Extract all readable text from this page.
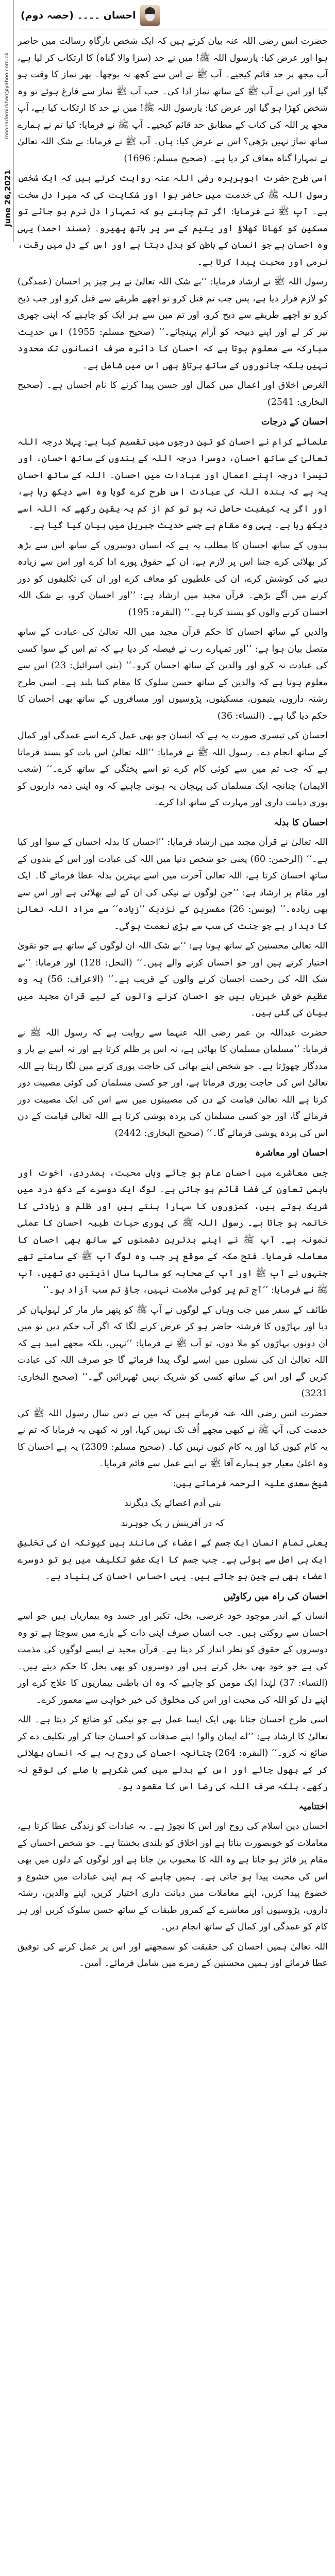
moonadamirkhan@yahoo.com.pk
June 26,2021
احسان ۔۔۔۔ (حصہ دوم)

حضرت انس رضی اللہ عنہ بیان کرتے ہیں کہ ایک شخص بارگاہِ رسالت میں حاضر ہوا اور عرض کیا: یارسول اللہ ﷺ! میں نے حد (سزا والا گناہ) کا ارتکاب کر لیا ہے، آپ مجھ پر حد قائم کیجیے۔ آپ ﷺ نے اس سے کچھ نہ پوچھا۔ پھر نماز کا وقت ہو گیا اور اس نے آپ ﷺ کے ساتھ نماز ادا کی۔ جب آپ ﷺ نماز سے فارغ ہوئے تو وہ شخص کھڑا ہو گیا اور عرض کیا: یارسول اللہ ﷺ! میں نے حد کا ارتکاب کیا ہے، آپ مجھ پر اللہ کی کتاب کے مطابق حد قائم کیجیے۔ آپ ﷺ نے فرمایا: کیا تم نے ہمارے ساتھ نماز نہیں پڑھی؟ اس نے عرض کیا: ہاں۔ آپ ﷺ نے فرمایا: بے شک اللہ تعالیٰ نے تمہارا گناہ معاف کر دیا ہے۔ (صحیح مسلم: 1696)

اسی طرح حضرت ابوہریرہ رضی اللہ عنہ روایت کرتے ہیں کہ ایک شخص رسول اللہ ﷺ کی خدمت میں حاضر ہوا اور شکایت کی کہ میرا دل سخت ہے۔ آپ ﷺ نے فرمایا: اگر تم چاہتے ہو کہ تمہارا دل نرم ہو جائے تو مسکین کو کھانا کھلاؤ اور یتیم کے سر پر ہاتھ پھیرو۔ (مسند احمد) یہی وہ احسان ہے جو انسان کے باطن کو بدل دیتا ہے اور اس کے دل میں رقت، نرمی اور محبت پیدا کرتا ہے۔

رسول اللہ ﷺ نے ارشاد فرمایا: ’’بے شک اللہ تعالیٰ نے ہر چیز پر احسان (عمدگی) کو لازم قرار دیا ہے، پس جب تم قتل کرو تو اچھے طریقے سے قتل کرو اور جب ذبح کرو تو اچھے طریقے سے ذبح کرو، اور تم میں سے ہر ایک کو چاہیے کہ اپنی چھری تیز کر لے اور اپنے ذبیحہ کو آرام پہنچائے۔‘‘ (صحیح مسلم: 1955) اس حدیث مبارکہ سے معلوم ہوتا ہے کہ احسان کا دائرہ صرف انسانوں تک محدود نہیں بلکہ جانوروں کے ساتھ برتاؤ بھی اس میں شامل ہے۔

الغرض اخلاق اور اعمال میں کمال اور حسن پیدا کرنے کا نام احسان ہے۔ (صحیح البخاری: 2541)

احسان کے درجات

علمائے کرام نے احسان کو تین درجوں میں تقسیم کیا ہے: پہلا درجہ اللہ تعالیٰ کے ساتھ احسان، دوسرا درجہ اللہ کے بندوں کے ساتھ احسان، اور تیسرا درجہ اپنے اعمال اور عبادات میں احسان۔ اللہ کے ساتھ احسان یہ ہے کہ بندہ اللہ کی عبادت اس طرح کرے گویا وہ اسے دیکھ رہا ہے، اور اگر یہ کیفیت حاصل نہ ہو تو کم از کم یہ یقین رکھے کہ اللہ اسے دیکھ رہا ہے۔ یہی وہ مقام ہے جسے حدیث جبریل میں بیان کیا گیا ہے۔

بندوں کے ساتھ احسان کا مطلب یہ ہے کہ انسان دوسروں کے ساتھ اس سے بڑھ کر بھلائی کرے جتنا اس پر لازم ہے، ان کے حقوق پورے ادا کرے اور اس سے زیادہ دینے کی کوشش کرے، ان کی غلطیوں کو معاف کرے اور ان کی تکلیفوں کو دور کرنے میں آگے بڑھے۔ قرآن مجید میں ارشاد ہے: ’’اور احسان کرو، بے شک اللہ احسان کرنے والوں کو پسند کرتا ہے۔‘‘ (البقرہ: 195)

والدین کے ساتھ احسان کا حکم قرآن مجید میں اللہ تعالیٰ کی عبادت کے ساتھ متصل بیان ہوا ہے: ’’اور تمہارے رب نے فیصلہ کر دیا ہے کہ تم اس کے سوا کسی کی عبادت نہ کرو اور والدین کے ساتھ احسان کرو۔‘‘ (بنی اسرائیل: 23) اس سے معلوم ہوتا ہے کہ والدین کے ساتھ حسن سلوک کا مقام کتنا بلند ہے۔ اسی طرح رشتہ داروں، یتیموں، مسکینوں، پڑوسیوں اور مسافروں کے ساتھ بھی احسان کا حکم دیا گیا ہے۔ (النساء: 36)

احسان کی تیسری صورت یہ ہے کہ انسان جو بھی عمل کرے اسے عمدگی اور کمال کے ساتھ انجام دے۔ رسول اللہ ﷺ نے فرمایا: ’’اللہ تعالیٰ اس بات کو پسند فرماتا ہے کہ جب تم میں سے کوئی کام کرے تو اسے پختگی کے ساتھ کرے۔‘‘ (شعب الایمان) چنانچہ ایک مسلمان کی پہچان یہ ہونی چاہیے کہ وہ اپنی ذمہ داریوں کو پوری دیانت داری اور مہارت کے ساتھ ادا کرے۔

احسان کا بدلہ

اللہ تعالیٰ نے قرآن مجید میں ارشاد فرمایا: ’’احسان کا بدلہ احسان کے سوا اور کیا ہے۔‘‘ (الرحمن: 60) یعنی جو شخص دنیا میں اللہ کی عبادت اور اس کے بندوں کے ساتھ احسان کرتا ہے، اللہ تعالیٰ آخرت میں اسے بہترین بدلہ عطا فرمائے گا۔ ایک اور مقام پر ارشاد ہے: ’’جن لوگوں نے نیکی کی ان کے لیے بھلائی ہے اور اس سے بھی زیادہ۔‘‘ (یونس: 26) مفسرین کے نزدیک ’’زیادہ‘‘ سے مراد اللہ تعالیٰ کا دیدار ہے جو جنت کی سب سے بڑی نعمت ہوگی۔

اللہ تعالیٰ محسنین کے ساتھ ہوتا ہے: ’’بے شک اللہ ان لوگوں کے ساتھ ہے جو تقویٰ اختیار کرتے ہیں اور جو احسان کرنے والے ہیں۔‘‘ (النحل: 128) اور فرمایا: ’’بے شک اللہ کی رحمت احسان کرنے والوں کے قریب ہے۔‘‘ (الاعراف: 56) یہ وہ عظیم خوش خبریاں ہیں جو احسان کرنے والوں کے لیے قرآن مجید میں بیان کی گئی ہیں۔

حضرت عبداللہ بن عمر رضی اللہ عنہما سے روایت ہے کہ رسول اللہ ﷺ نے فرمایا: ’’مسلمان مسلمان کا بھائی ہے، نہ اس پر ظلم کرتا ہے اور نہ اسے بے یار و مددگار چھوڑتا ہے۔ جو شخص اپنے بھائی کی حاجت پوری کرنے میں لگا رہتا ہے اللہ تعالیٰ اس کی حاجت پوری فرماتا ہے، اور جو کسی مسلمان کی کوئی مصیبت دور کرتا ہے اللہ تعالیٰ قیامت کے دن کی مصیبتوں میں سے اس کی ایک مصیبت دور فرمائے گا، اور جو کسی مسلمان کی پردہ پوشی کرتا ہے اللہ تعالیٰ قیامت کے دن اس کی پردہ پوشی فرمائے گا۔‘‘ (صحیح البخاری: 2442)

احسان اور معاشرہ

جس معاشرے میں احسان عام ہو جائے وہاں محبت، ہمدردی، اخوت اور باہمی تعاون کی فضا قائم ہو جاتی ہے۔ لوگ ایک دوسرے کے دکھ درد میں شریک ہوتے ہیں، کمزوروں کا سہارا بنتے ہیں اور ظلم و زیادتی کا خاتمہ ہو جاتا ہے۔ رسول اللہ ﷺ کی پوری حیات طیبہ احسان کا عملی نمونہ ہے۔ آپ ﷺ نے اپنے بدترین دشمنوں کے ساتھ بھی احسان کا معاملہ فرمایا۔ فتح مکہ کے موقع پر جب وہ لوگ آپ ﷺ کے سامنے تھے جنہوں نے آپ ﷺ اور آپ کے صحابہ کو سالہا سال اذیتیں دی تھیں، آپ ﷺ نے فرمایا: ’’آج تم پر کوئی ملامت نہیں، جاؤ تم سب آزاد ہو۔‘‘

طائف کے سفر میں جب وہاں کے لوگوں نے آپ ﷺ کو پتھر مار مار کر لہولہان کر دیا اور پہاڑوں کا فرشتہ حاضر ہو کر عرض کرنے لگا کہ اگر آپ حکم دیں تو میں ان دونوں پہاڑوں کو ملا دوں، تو آپ ﷺ نے فرمایا: ’’نہیں، بلکہ مجھے امید ہے کہ اللہ تعالیٰ ان کی نسلوں میں ایسے لوگ پیدا فرمائے گا جو صرف اللہ کی عبادت کریں گے اور اس کے ساتھ کسی کو شریک نہیں ٹھہرائیں گے۔‘‘ (صحیح البخاری: 3231)

حضرت انس رضی اللہ عنہ فرماتے ہیں کہ میں نے دس سال رسول اللہ ﷺ کی خدمت کی، آپ ﷺ نے کبھی مجھے اُف تک نہیں کہا، اور نہ کبھی یہ فرمایا کہ تم نے یہ کام کیوں کیا اور یہ کام کیوں نہیں کیا۔ (صحیح مسلم: 2309) یہ ہے احسان کا وہ اعلیٰ معیار جو ہمارے آقا ﷺ نے اپنے عمل سے قائم فرمایا۔

شیخ سعدی علیہ الرحمہ فرماتے ہیں:

بنی آدم اعضائے یک دیگرند

کہ در آفرینش ز یک جوہرند

یعنی تمام انسان ایک جسم کے اعضاء کی مانند ہیں کیونکہ ان کی تخلیق ایک ہی اصل سے ہوئی ہے۔ جب جسم کا ایک عضو تکلیف میں ہو تو دوسرے اعضاء بھی بے چین ہو جاتے ہیں۔ یہی احساس احسان کی بنیاد ہے۔

احسان کی راہ میں رکاوٹیں

انسان کے اندر موجود خود غرضی، بخل، تکبر اور حسد وہ بیماریاں ہیں جو اسے احسان سے روکتی ہیں۔ جب انسان صرف اپنی ذات کے بارے میں سوچتا ہے تو وہ دوسروں کے حقوق کو نظر انداز کر دیتا ہے۔ قرآن مجید نے ایسے لوگوں کی مذمت کی ہے جو خود بھی بخل کرتے ہیں اور دوسروں کو بھی بخل کا حکم دیتے ہیں۔ (النساء: 37) لہٰذا ایک مومن کو چاہیے کہ وہ ان باطنی بیماریوں کا علاج کرے اور اپنے دل کو اللہ کی محبت اور اس کی مخلوق کی خیر خواہی سے معمور کرے۔

اسی طرح احسان جتانا بھی ایک ایسا عمل ہے جو نیکی کو ضائع کر دیتا ہے۔ اللہ تعالیٰ کا ارشاد ہے: ’’اے ایمان والو! اپنے صدقات کو احسان جتا کر اور تکلیف دے کر ضائع نہ کرو۔‘‘ (البقرہ: 264) چنانچہ احسان کی روح یہ ہے کہ انسان بھلائی کر کے بھول جائے اور اس کے بدلے میں کسی شکریے یا صلے کی توقع نہ رکھے، بلکہ صرف اللہ کی رضا اس کا مقصود ہو۔

اختتامیہ

احسان دین اسلام کی روح اور اس کا نچوڑ ہے۔ یہ عبادات کو زندگی عطا کرتا ہے، معاملات کو خوبصورت بناتا ہے اور اخلاق کو بلندی بخشتا ہے۔ جو شخص احسان کے مقام پر فائز ہو جاتا ہے وہ اللہ کا محبوب بن جاتا ہے اور لوگوں کے دلوں میں بھی اس کی محبت پیدا ہو جاتی ہے۔ ہمیں چاہیے کہ ہم اپنی عبادات میں خشوع و خضوع پیدا کریں، اپنے معاملات میں دیانت داری اختیار کریں، اپنے والدین، رشتہ داروں، پڑوسیوں اور معاشرے کے کمزور طبقات کے ساتھ حسن سلوک کریں اور ہر کام کو عمدگی اور کمال کے ساتھ انجام دیں۔

اللہ تعالیٰ ہمیں احسان کی حقیقت کو سمجھنے اور اس پر عمل کرنے کی توفیق عطا فرمائے اور ہمیں محسنین کے زمرے میں شامل فرمائے۔ آمین۔
